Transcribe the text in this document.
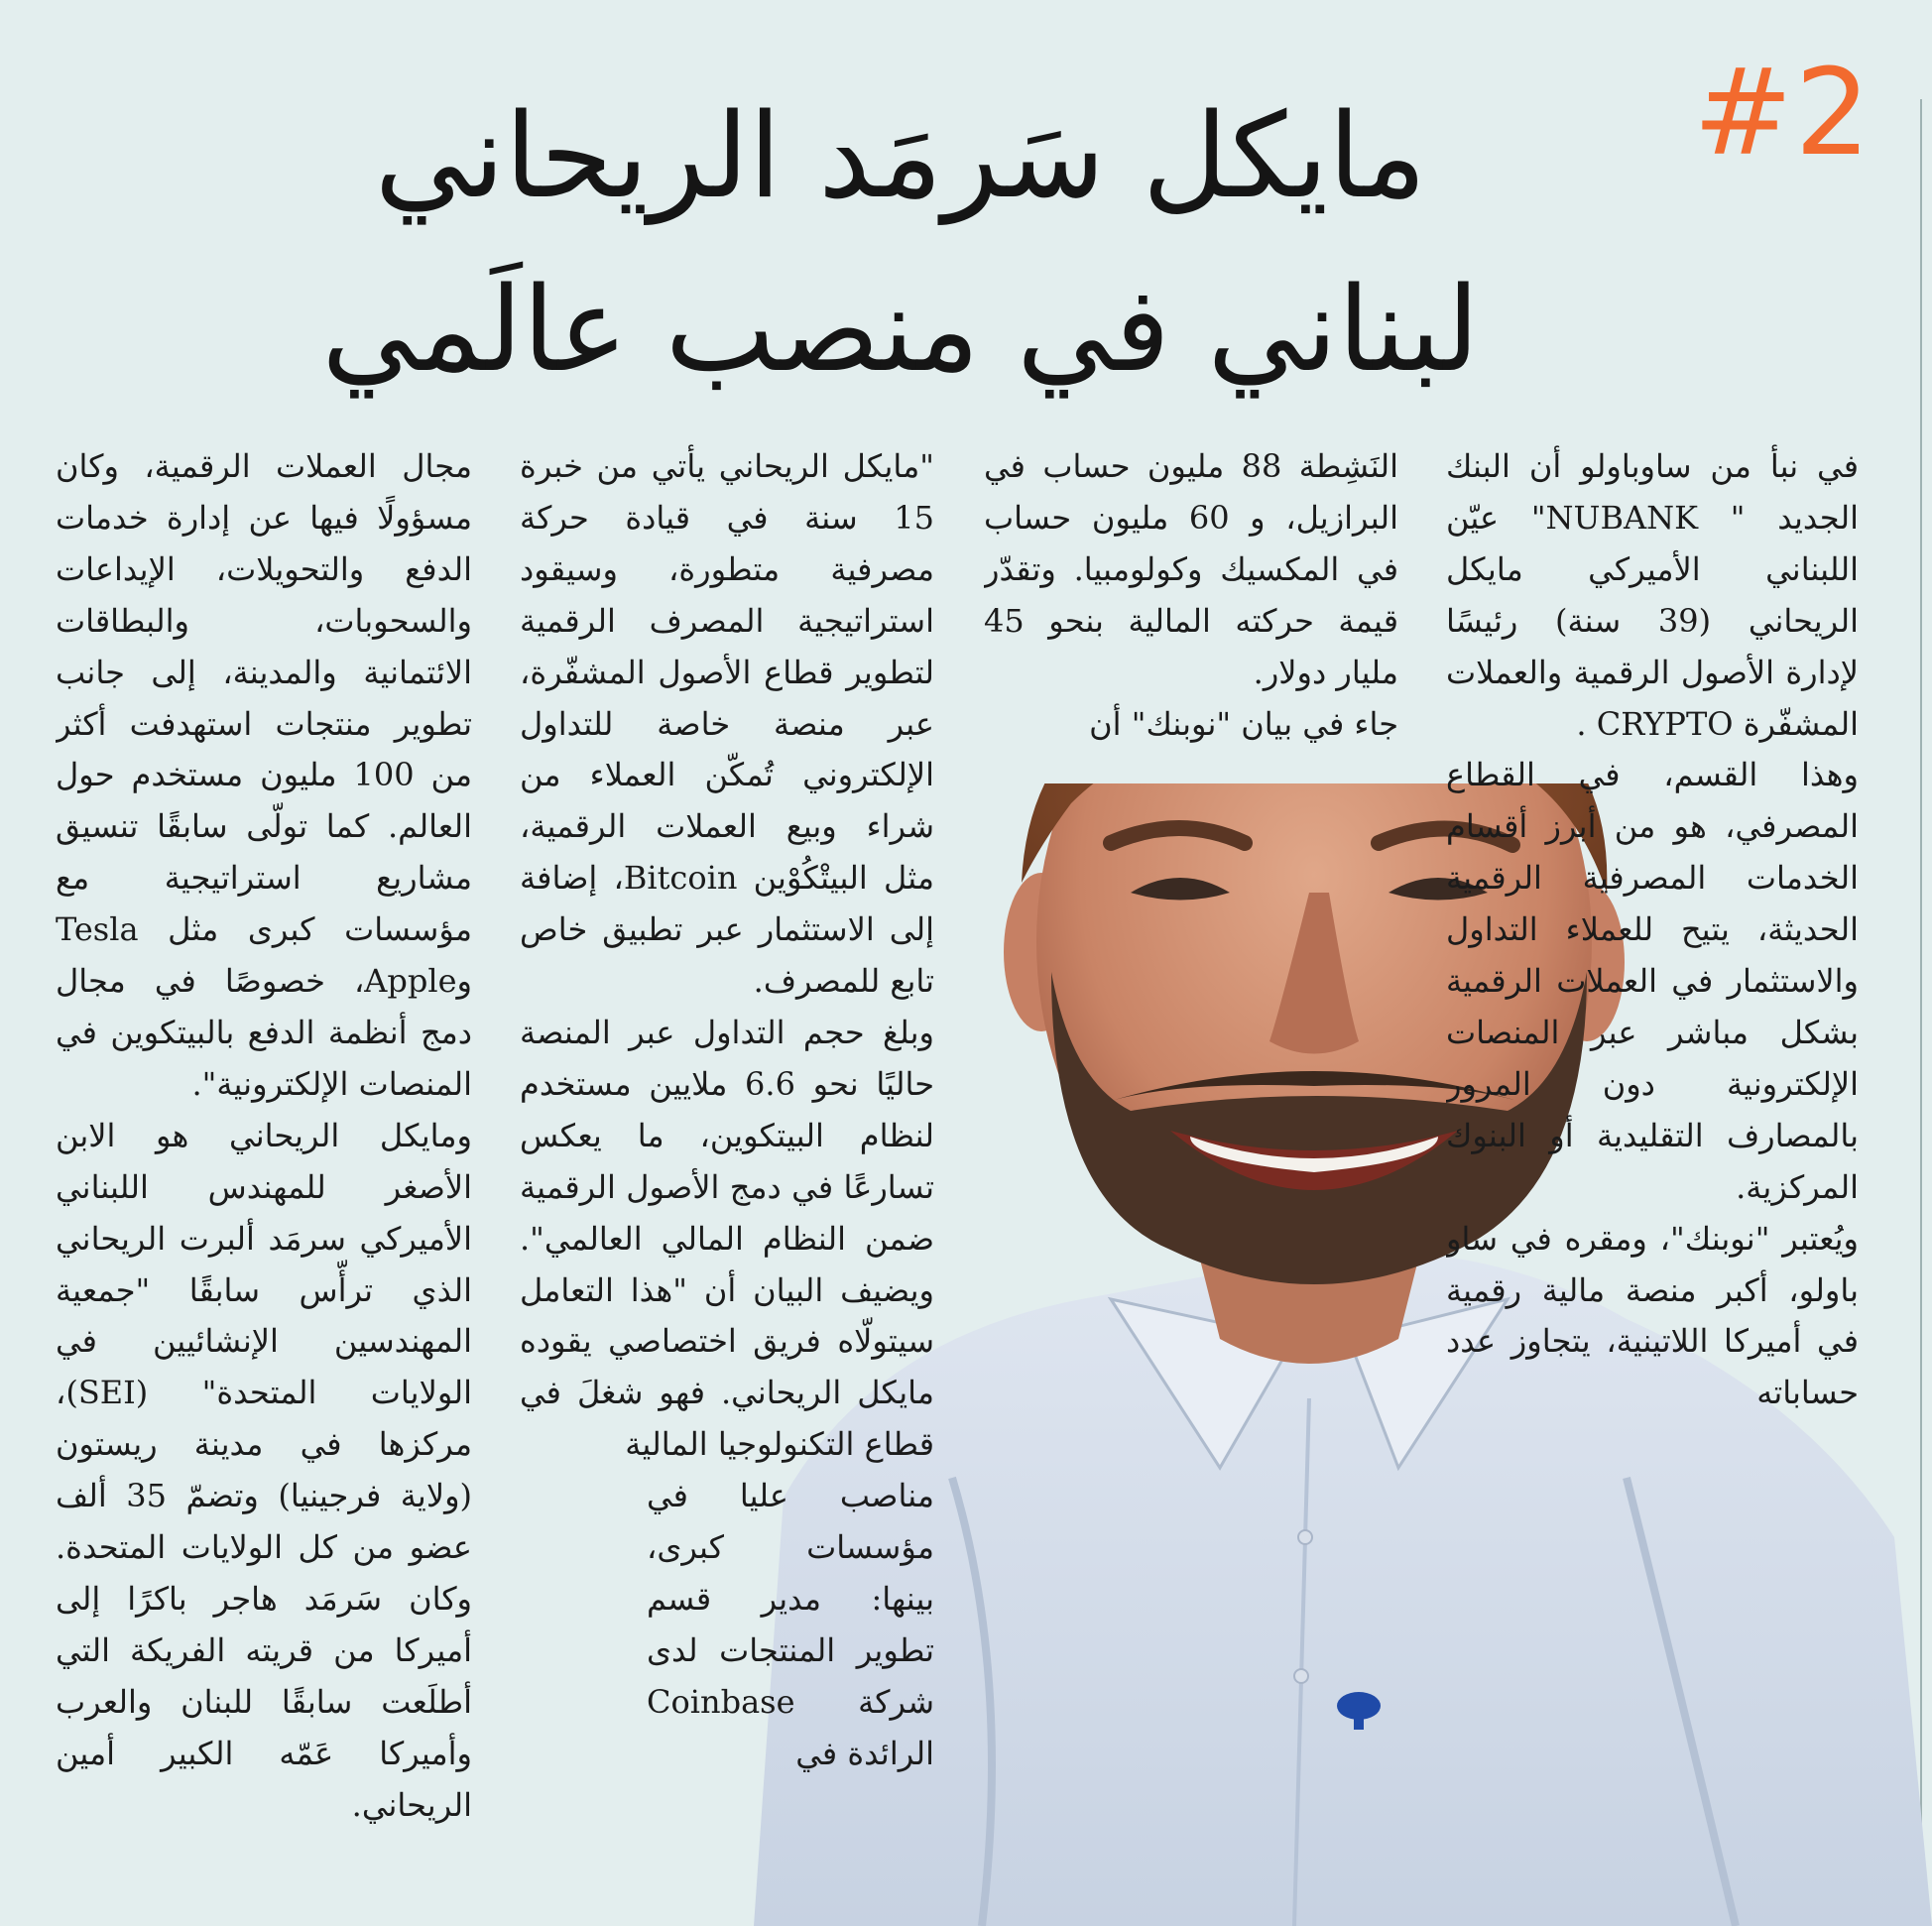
#2
مايكل سَرمَد الريحاني
لبناني في منصب عالَمي

في نبأ من ساوباولو أن البنك الجديد " NUBANK" عيّن اللبناني الأميركي مايكل الريحاني (39 سنة) رئيسًا لإدارة الأصول الرقمية والعملات المشفّرة CRYPTO .

وهذا القسم، في القطاع المصرفي، هو من أبرز أقسام الخدمات المصرفية الرقمية الحديثة، يتيح للعملاء التداول والاستثمار في العملات الرقمية بشكل مباشر عبر المنصات الإلكترونية دون المرور بالمصارف التقليدية أو البنوك المركزية.

ويُعتبر "نوبنك"، ومقره في ساو باولو، أكبر منصة مالية رقمية في أميركا اللاتينية، يتجاوز عدد حساباته

النَشِطة 88 مليون حساب في البرازيل، و 60 مليون حساب في المكسيك وكولومبيا. وتقدّر قيمة حركته المالية بنحو 45 مليار دولار.

جاء في بيان "نوبنك" أن

"مايكل الريحاني يأتي من خبرة 15 سنة في قيادة حركة مصرفية متطورة، وسيقود استراتيجية المصرف الرقمية لتطوير قطاع الأصول المشفّرة، عبر منصة خاصة للتداول الإلكتروني تُمكّن العملاء من شراء وبيع العملات الرقمية، مثل البيتْكُوْين Bitcoin، إضافة إلى الاستثمار عبر تطبيق خاص تابع للمصرف.

وبلغ حجم التداول عبر المنصة حاليًا نحو 6.6 ملايين مستخدم لنظام البيتكوين، ما يعكس تسارعًا في دمج الأصول الرقمية ضمن النظام المالي العالمي". ويضيف البيان أن "هذا التعامل سيتولّاه فريق اختصاصي يقوده مايكل الريحاني. فهو شغلَ في قطاع التكنولوجيا المالية

مناصب عليا في مؤسسات كبرى، بينها: مدير قسم تطوير المنتجات لدى شركة Coinbase الرائدة في

مجال العملات الرقمية، وكان مسؤولًا فيها عن إدارة خدمات الدفع والتحويلات، الإيداعات والسحوبات، والبطاقات الائتمانية والمدينة، إلى جانب تطوير منتجات استهدفت أكثر من 100 مليون مستخدم حول العالم. كما تولّى سابقًا تنسيق مشاريع استراتيجية مع مؤسسات كبرى مثل Tesla وApple، خصوصًا في مجال دمج أنظمة الدفع بالبيتكوين في المنصات الإلكترونية".

ومايكل الريحاني هو الابن الأصغر للمهندس اللبناني الأميركي سرمَد ألبرت الريحاني الذي ترأّس سابقًا "جمعية المهندسين الإنشائيين في الولايات المتحدة" (SEI)، مركزها في مدينة ريستون (ولاية فرجينيا) وتضمّ 35 ألف عضو من كل الولايات المتحدة. وكان سَرمَد هاجر باكرًا إلى أميركا من قريته الفريكة التي أطلَعت سابقًا للبنان والعرب وأميركا عَمّه الكبير أمين الريحاني.
